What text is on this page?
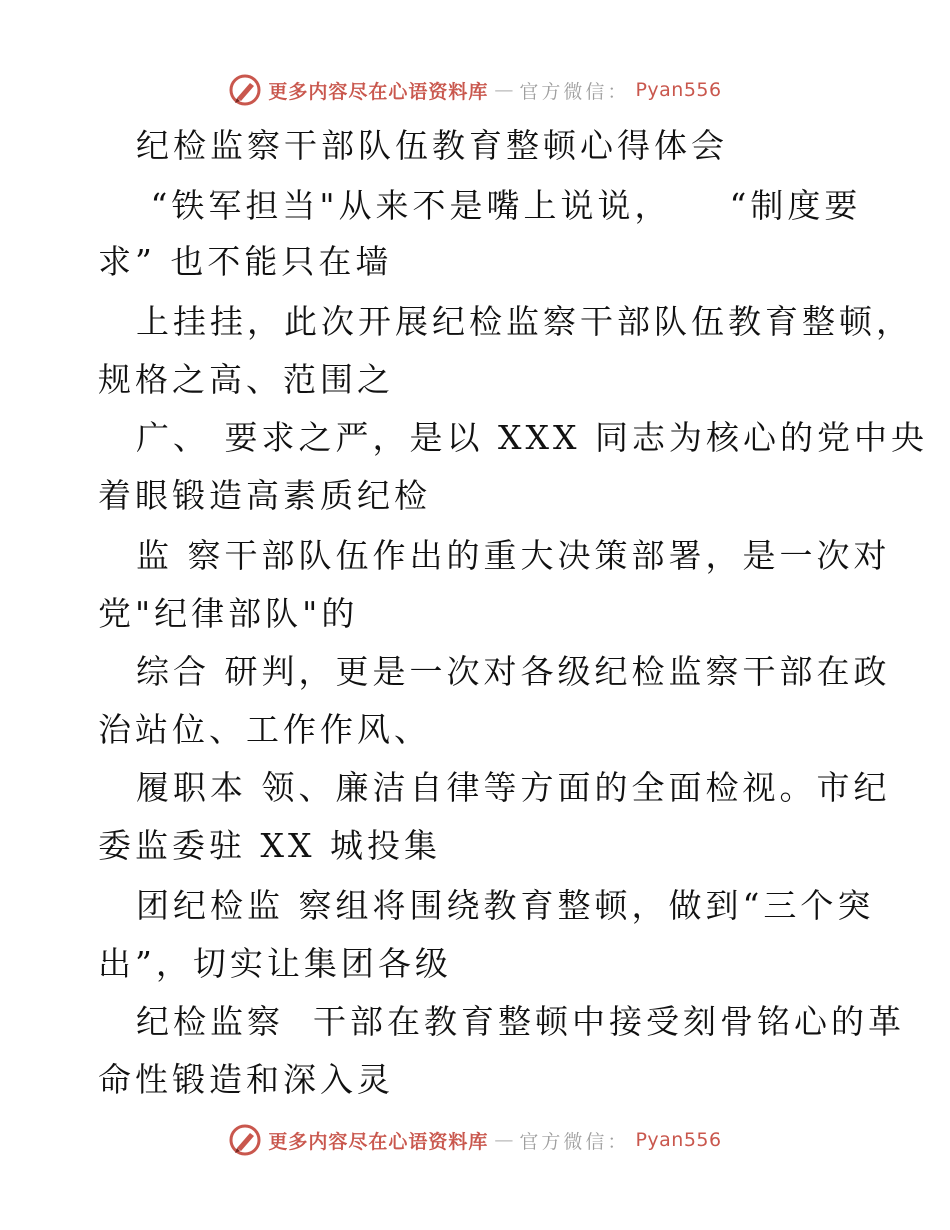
更多内容尽在心语资料库 — 官方微信： Pyan556
纪检监察干部队伍教育整顿心得体会
“铁军担当"从来不是嘴上说说，    “制度要
求” 也不能只在墙
上挂挂，此次开展纪检监察干部队伍教育整顿，
规格之高、范围之
广、 要求之严，是以 XXX 同志为核心的党中央
着眼锻造高素质纪检
监 察干部队伍作出的重大决策部署，是一次对
党"纪律部队"的
综合 研判，更是一次对各级纪检监察干部在政
治站位、工作作风、
履职本 领、廉洁自律等方面的全面检视。市纪
委监委驻 XX 城投集
团纪检监 察组将围绕教育整顿，做到“三个突
出”，切实让集团各级
纪检监察  干部在教育整顿中接受刻骨铭心的革
命性锻造和深入灵
更多内容尽在心语资料库 — 官方微信： Pyan556
